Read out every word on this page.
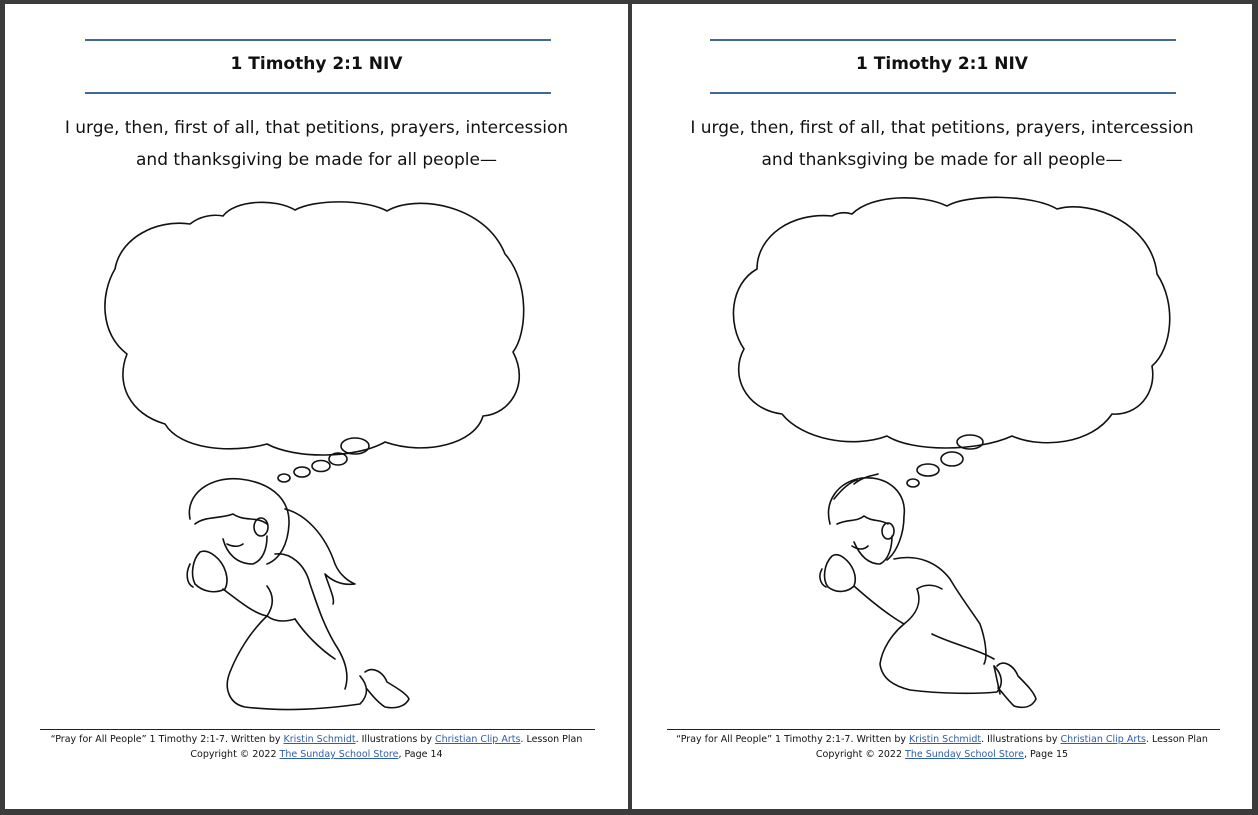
1 Timothy 2:1 NIV
I urge, then, first of all, that petitions, prayers, intercession
and thanksgiving be made for all people—
“Pray for All People” 1 Timothy 2:1-7. Written by Kristin Schmidt. Illustrations by Christian Clip Arts. Lesson Plan
Copyright © 2022 The Sunday School Store, Page 14
1 Timothy 2:1 NIV
I urge, then, first of all, that petitions, prayers, intercession
and thanksgiving be made for all people—
“Pray for All People” 1 Timothy 2:1-7. Written by Kristin Schmidt. Illustrations by Christian Clip Arts. Lesson Plan
Copyright © 2022 The Sunday School Store, Page 15
